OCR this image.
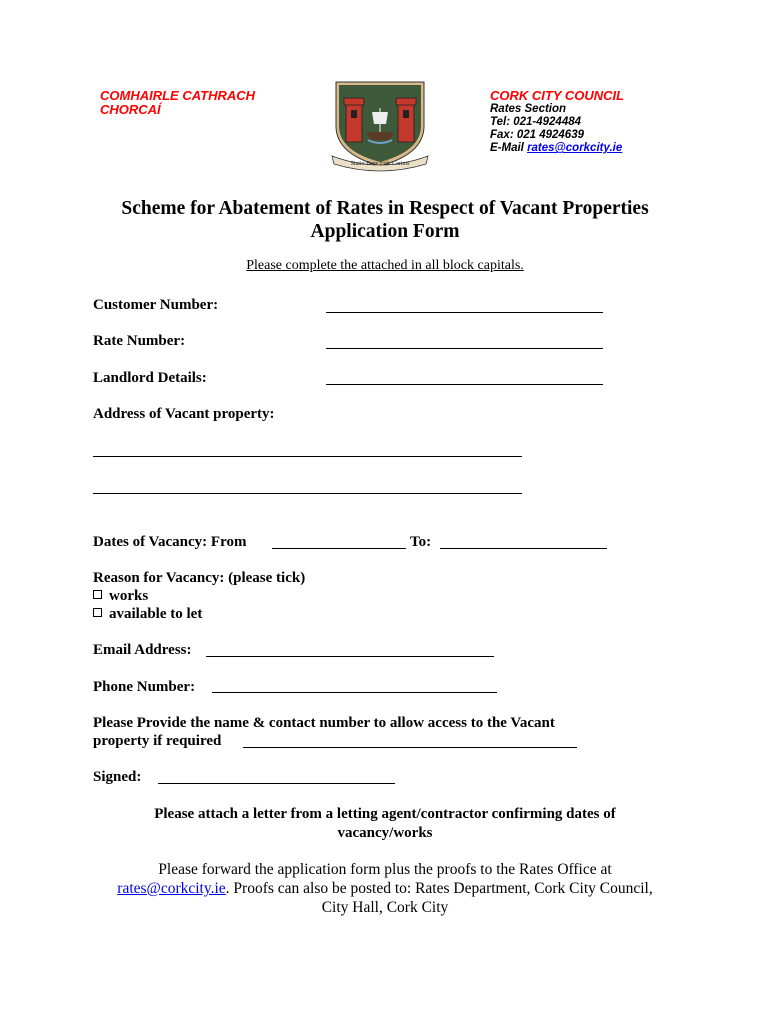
COMHAIRLE CATHRACH
CHORCAÍ
Statio Bene Fide Carinis
CORK CITY COUNCIL
Rates Section
Tel: 021-4924484
Fax: 021 4924639
E-Mail rates@corkcity.ie
Scheme for Abatement of Rates in Respect of Vacant Properties
Application Form
Please complete the attached in all block capitals.
Customer Number:
Rate Number:
Landlord Details:
Address of Vacant property:
Dates of Vacancy: From	To:
Reason for Vacancy: (please tick)
works
available to let
Email Address:
Phone Number:
Please Provide the name & contact number to allow access to the Vacant
property if required
Signed:
Please attach a letter from a letting agent/contractor confirming dates of
vacancy/works
Please forward the application form plus the proofs to the Rates Office at
rates@corkcity.ie. Proofs can also be posted to: Rates Department, Cork City Council,
City Hall, Cork City
